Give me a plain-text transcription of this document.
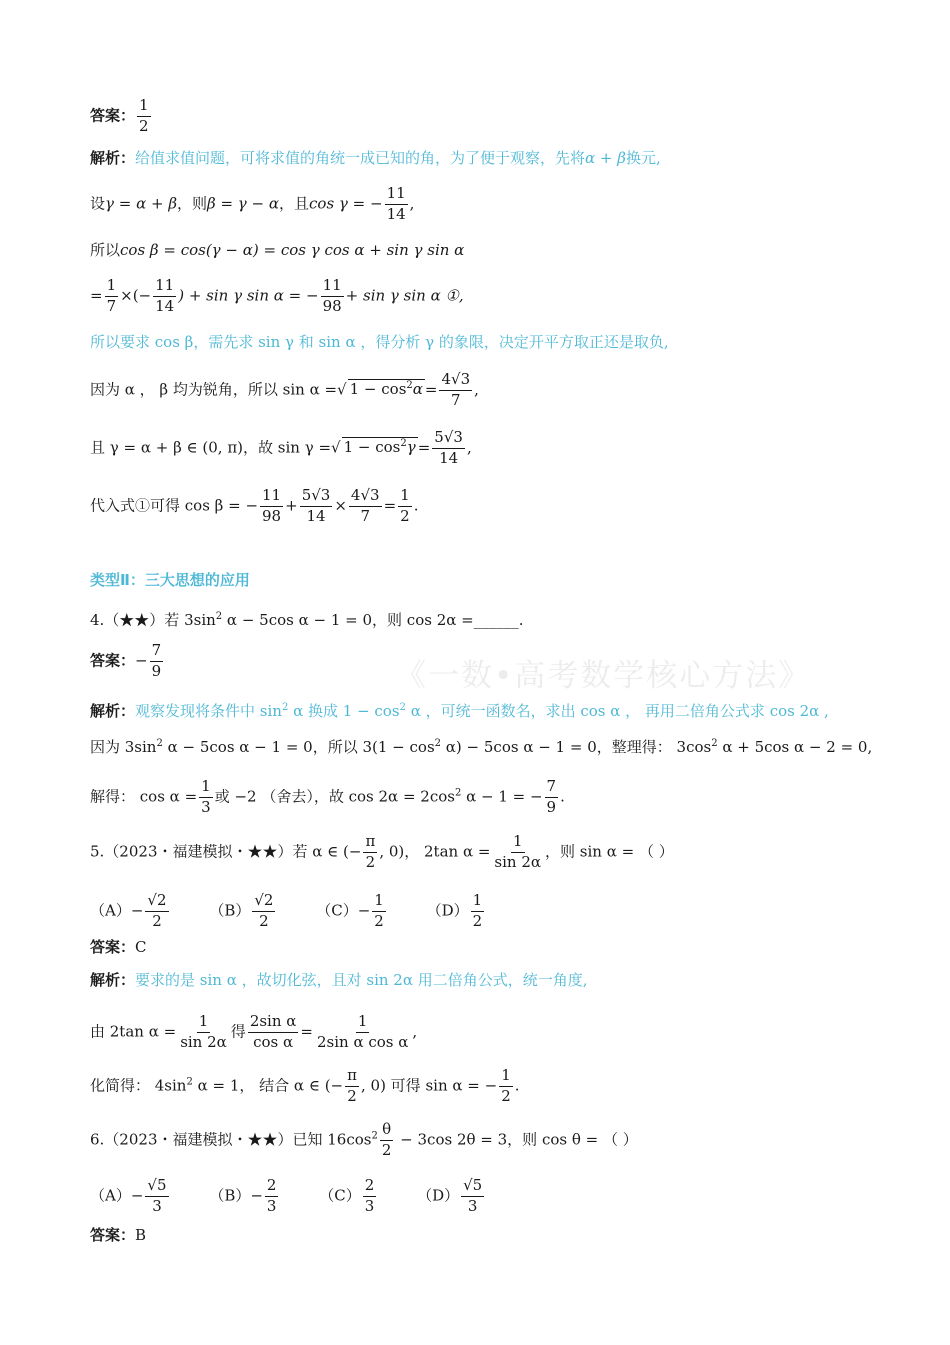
《一数•高考数学核心方法》
答案： $\frac{1}{2}$
解析：给值求值问题，可将求值的角统一成已知的角，为了便于观察，先将α + β换元,
设γ = α + β，则β = γ − α，且cos γ = − $\frac{11}{14}$ ,
所以cos β = cos(γ − α) = cos γ cos α + sin γ sin α
= $\frac{1}{7}$ ×(− $\frac{11}{14}$ ) + sin γ sin α = − $\frac{11}{98} + \sin \gamma$ sin α ①,
所以要求 cos β，需先求 sin γ 和 sin α ，得分析 γ 的象限，决定开平方取正还是取负,
因为 α ， β 均为锐角，所以 sin α =√ $1 - \cos^2\alpha = \frac{4√3}{7}$ ,
且 γ = α + β ∈ (0, π)，故 sin γ =√ $1 - \cos^2\gamma = \frac{5√3}{14}$ ,
代入式①可得 cos β = − $\frac{11}{98} + \frac{5√3}{14} \times \frac{4√3}{7} = \frac{1}{2}$ .
类型Ⅱ：三大思想的应用
4.（★★）若 $3\sin^2$ α − 5cos α − 1 = 0，则 cos 2α =______.
答案：− $\frac{7}{9}$
解析：观察发现将条件中 $\sin^2 \alpha$ 换成 $1 - \cos^2 \alpha$ ，可统一函数名，求出 cos α ， 再用二倍角公式求 cos 2α ,
因为 $3\sin^2$ α − 5cos α − 1 = 0，所以 $3(1 - \cos^2 \alpha) - 5\cos$ α − 1 = 0，整理得： $3\cos^2$ α + 5cos α − 2 = 0,
解得： $\cos \alpha = \frac{1}{3}$ 或 −2 （舍去），故 $\cos 2\alpha = 2\cos^2$ α − 1 = − $\frac{7}{9}$ .
5.（2023・福建模拟・★★）若 α ∈ (− $\frac{\pi}{2}$ , 0)， 2tan $\alpha = \frac{1}{\sin 2\alpha}$ ，则 sin α = （ ）
$(A)- \frac{√2}{2}$	$(B) \frac{√2}{2}$	$(C)- \frac{1}{2}$	$(D) \frac{1}{2}$
答案：C
解析：要求的是 sin α ，故切化弦，且对 sin 2α 用二倍角公式，统一角度,
由 2tan $\alpha = \frac{1}{\sin 2\alpha}$ 得 $\frac{\text{2sin α}}{\text{cos α}} = \frac{1}{\text{2sin α cos α}}$ ,
化简得： $4\sin^2$ α = 1， 结合 α ∈ (− $\frac{\pi}{2}$ , 0) 可得 sin α = − $\frac{1}{2}$ .
6.（2023・福建模拟・★★）已知 $16\cos^2 \frac{\theta}{2} - 3\cos$ 2θ = 3，则 cos θ = （ ）
$(A)- \frac{√5}{3}$	$(B)- \frac{2}{3}$	$(C) \frac{2}{3}$	$(D) \frac{√5}{3}$
答案：B
